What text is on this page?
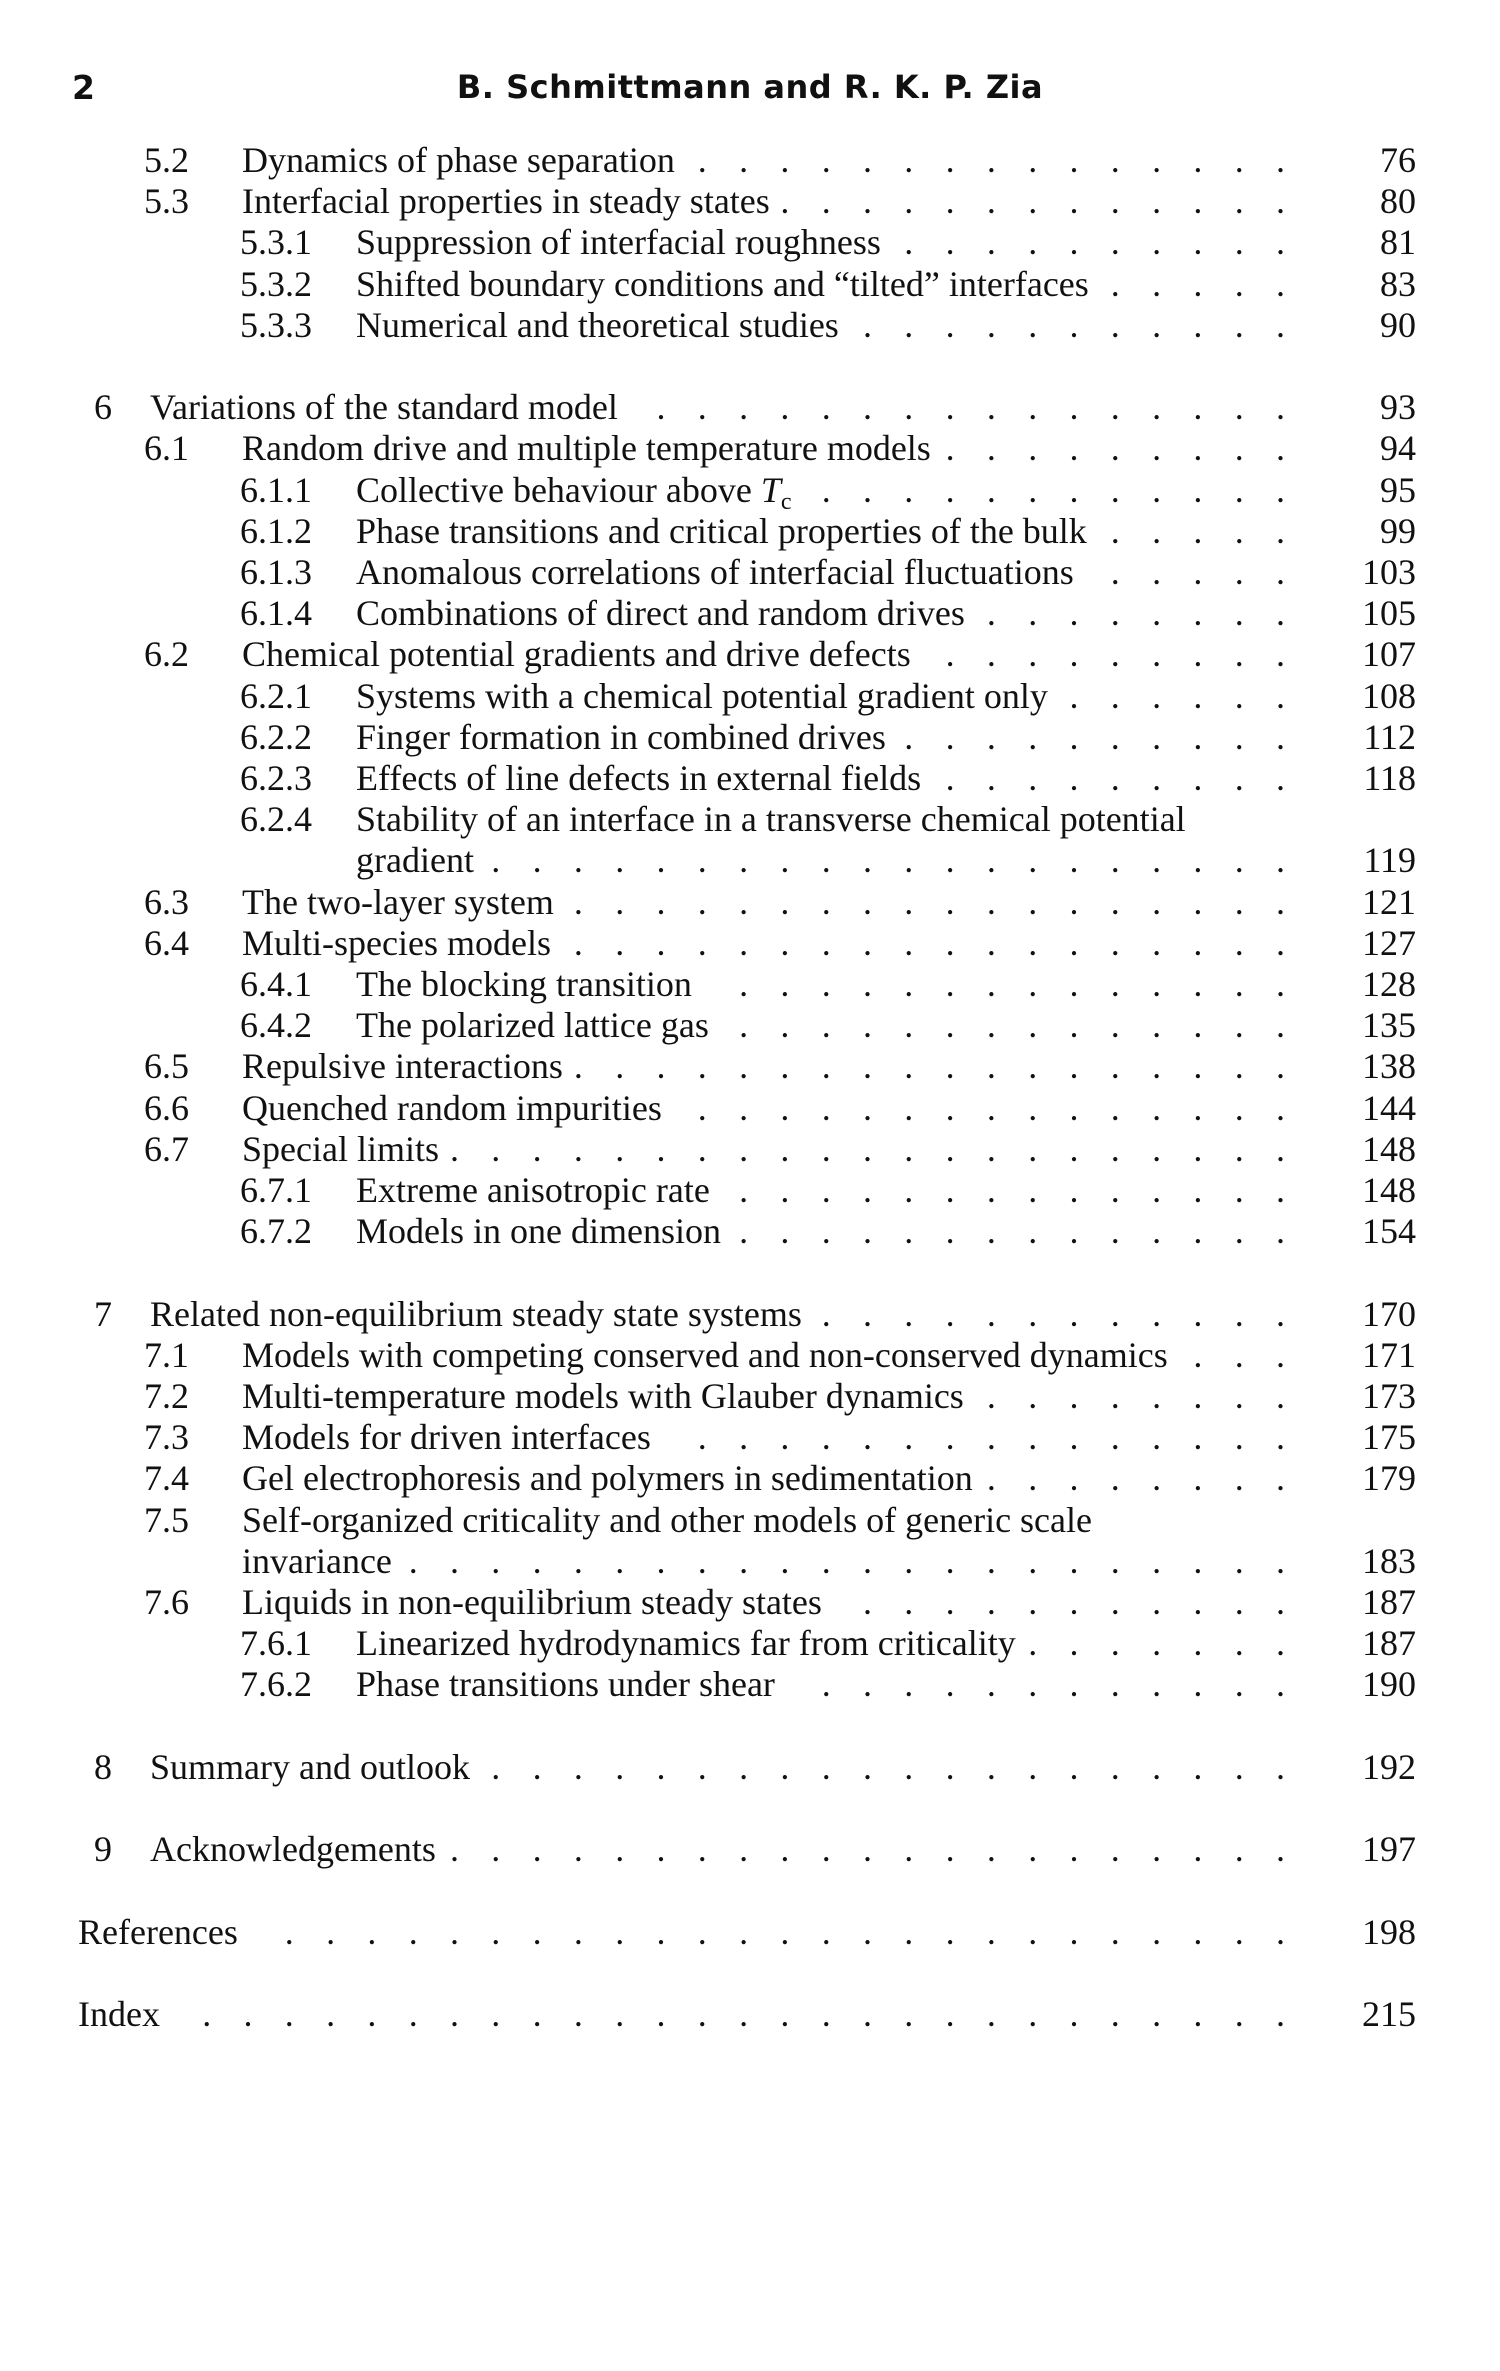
2	B. Schmittmann and R. K. P. Zia
5.2 Dynamics of phase separation . . . . . . . . . . . . . . .	76
5.3 Interfacial properties in steady states . . . . . . . . . . . . .	80
5.3.1 Suppression of interfacial roughness . . . . . . . . . .	81
5.3.2 Shifted boundary conditions and “tilted” interfaces . . . . .	83
5.3.3 Numerical and theoretical studies . . . . . . . . . . .	90
6 Variations of the standard model . . . . . . . . . . . . . . . .	93
6.1 Random drive and multiple temperature models . . . . . . . . .	94
6.1.1 Collective behaviour above $T_c$ . . . . . . . . . . . .	95
6.1.2 Phase transitions and critical properties of the bulk . . . . .	99
6.1.3 Anomalous correlations of interfacial fluctuations . . . . . 103
6.1.4 Combinations of direct and random drives . . . . . . . . 105
6.2 Chemical potential gradients and drive defects . . . . . . . . . 107
6.2.1 Systems with a chemical potential gradient only . . . . . . 108
6.2.2 Finger formation in combined drives . . . . . . . . . . 112
6.2.3 Effects of line defects in external fields . . . . . . . . . 118
6.2.4 Stability of an interface in a transverse chemical potential
gradient . . . . . . . . . . . . . . . . . . . . 119
6.3 The two-layer system . . . . . . . . . . . . . . . . . . 121
6.4 Multi-species models . . . . . . . . . . . . . . . . . . 127
6.4.1 The blocking transition . . . . . . . . . . . . . . 128
6.4.2 The polarized lattice gas . . . . . . . . . . . . . . 135
6.5 Repulsive interactions . . . . . . . . . . . . . . . . . . 138
6.6 Quenched random impurities . . . . . . . . . . . . . . . 144
6.7 Special limits . . . . . . . . . . . . . . . . . . . . . 148
6.7.1 Extreme anisotropic rate . . . . . . . . . . . . . . 148
6.7.2 Models in one dimension . . . . . . . . . . . . . . 154
7 Related non-equilibrium steady state systems . . . . . . . . . . . . 170
7.1 Models with competing conserved and non-conserved dynamics . . . 171
7.2 Multi-temperature models with Glauber dynamics . . . . . . . . 173
7.3 Models for driven interfaces . . . . . . . . . . . . . . . 175
7.4 Gel electrophoresis and polymers in sedimentation . . . . . . . . 179
7.5 Self-organized criticality and other models of generic scale
invariance . . . . . . . . . . . . . . . . . . . . . . 183
7.6 Liquids in non-equilibrium steady states . . . . . . . . . . . 187
7.6.1 Linearized hydrodynamics far from criticality . . . . . . . 187
7.6.2 Phase transitions under shear . . . . . . . . . . . . 190
8 Summary and outlook . . . . . . . . . . . . . . . . . . . . 192
9 Acknowledgements . . . . . . . . . . . . . . . . . . . . . 197
References . . . . . . . . . . . . . . . . . . . . . . . . . 198
Index . . . . . . . . . . . . . . . . . . . . . . . . . . . 215
